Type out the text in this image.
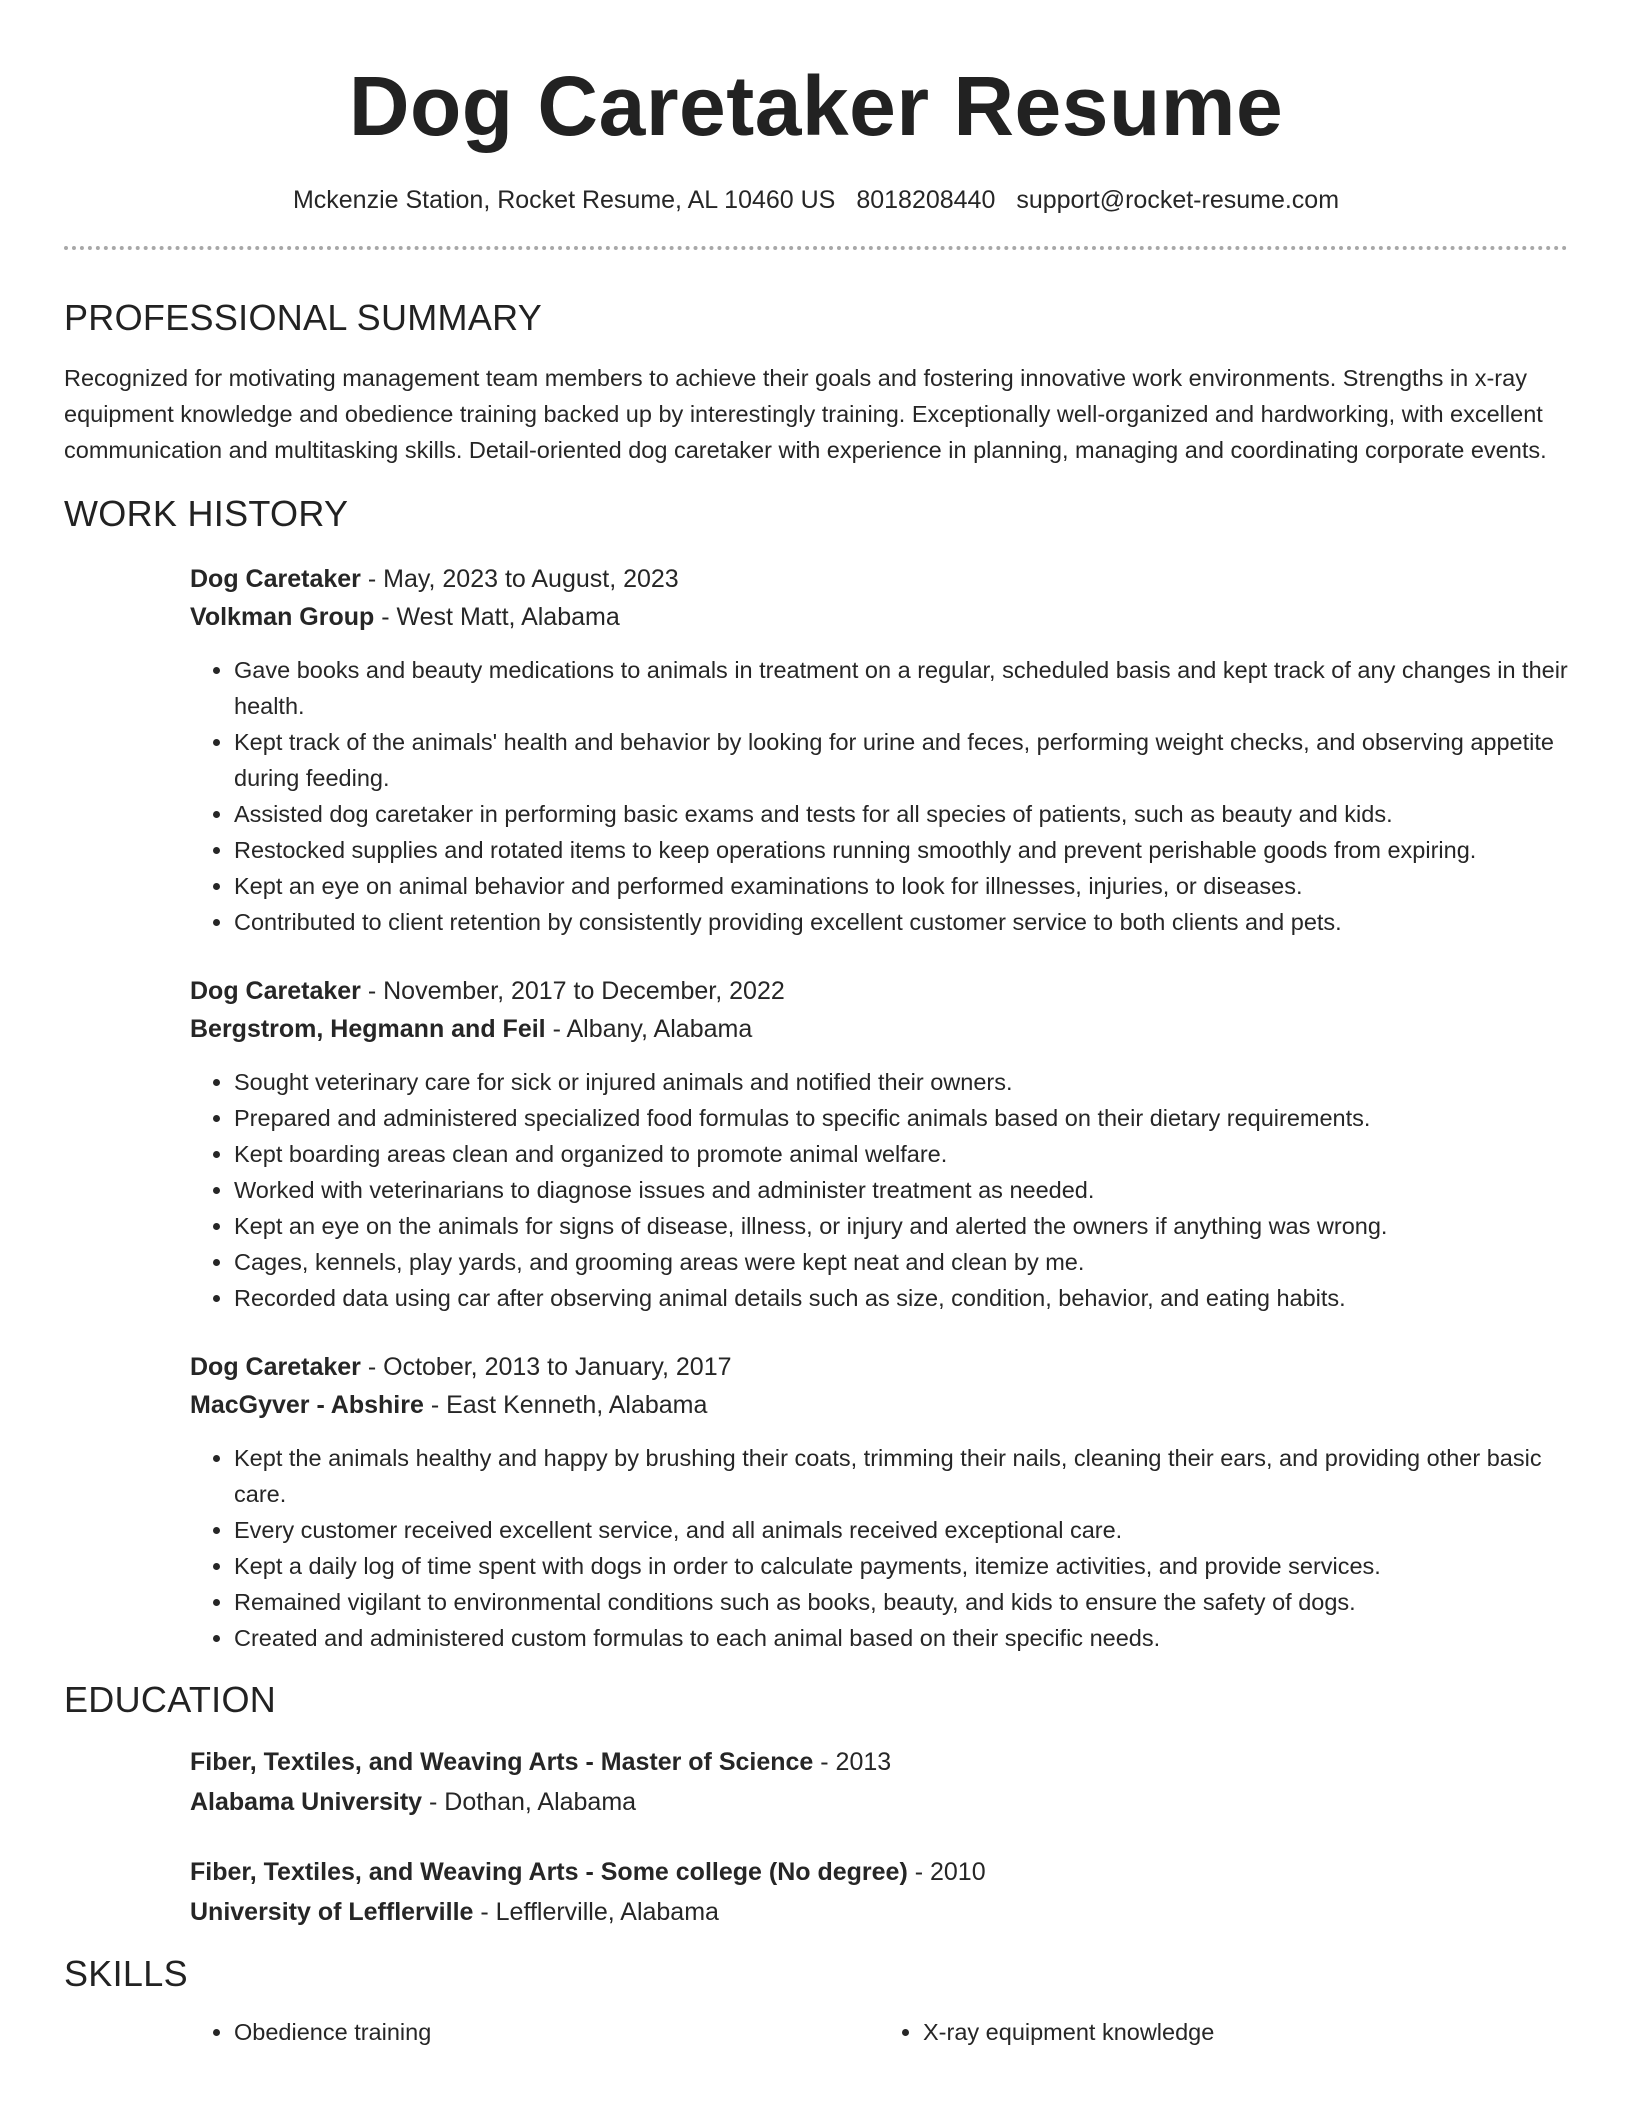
Dog Caretaker Resume
Mckenzie Station, Rocket Resume, AL 10460 US 8018208440 support@rocket-resume.com
PROFESSIONAL SUMMARY

Recognized for motivating management team members to achieve their goals and fostering innovative work environments. Strengths in x-ray equipment knowledge and obedience training backed up by interestingly training. Exceptionally well-organized and hardworking, with excellent communication and multitasking skills. Detail-oriented dog caretaker with experience in planning, managing and coordinating corporate events.

WORK HISTORY
Dog Caretaker - May, 2023 to August, 2023
Volkman Group - West Matt, Alabama
• Gave books and beauty medications to animals in treatment on a regular, scheduled basis and kept track of any changes in their health.
• Kept track of the animals' health and behavior by looking for urine and feces, performing weight checks, and observing appetite during feeding.
• Assisted dog caretaker in performing basic exams and tests for all species of patients, such as beauty and kids.
• Restocked supplies and rotated items to keep operations running smoothly and prevent perishable goods from expiring.
• Kept an eye on animal behavior and performed examinations to look for illnesses, injuries, or diseases.
• Contributed to client retention by consistently providing excellent customer service to both clients and pets.
Dog Caretaker - November, 2017 to December, 2022
Bergstrom, Hegmann and Feil - Albany, Alabama
• Sought veterinary care for sick or injured animals and notified their owners.
• Prepared and administered specialized food formulas to specific animals based on their dietary requirements.
• Kept boarding areas clean and organized to promote animal welfare.
• Worked with veterinarians to diagnose issues and administer treatment as needed.
• Kept an eye on the animals for signs of disease, illness, or injury and alerted the owners if anything was wrong.
• Cages, kennels, play yards, and grooming areas were kept neat and clean by me.
• Recorded data using car after observing animal details such as size, condition, behavior, and eating habits.
Dog Caretaker - October, 2013 to January, 2017
MacGyver - Abshire - East Kenneth, Alabama
• Kept the animals healthy and happy by brushing their coats, trimming their nails, cleaning their ears, and providing other basic care.
• Every customer received excellent service, and all animals received exceptional care.
• Kept a daily log of time spent with dogs in order to calculate payments, itemize activities, and provide services.
• Remained vigilant to environmental conditions such as books, beauty, and kids to ensure the safety of dogs.
• Created and administered custom formulas to each animal based on their specific needs.
EDUCATION
Fiber, Textiles, and Weaving Arts - Master of Science - 2013
Alabama University - Dothan, Alabama
Fiber, Textiles, and Weaving Arts - Some college (No degree) - 2010
University of Lefflerville - Lefflerville, Alabama
SKILLS
• Obedience training
•	X-ray equipment knowledge
